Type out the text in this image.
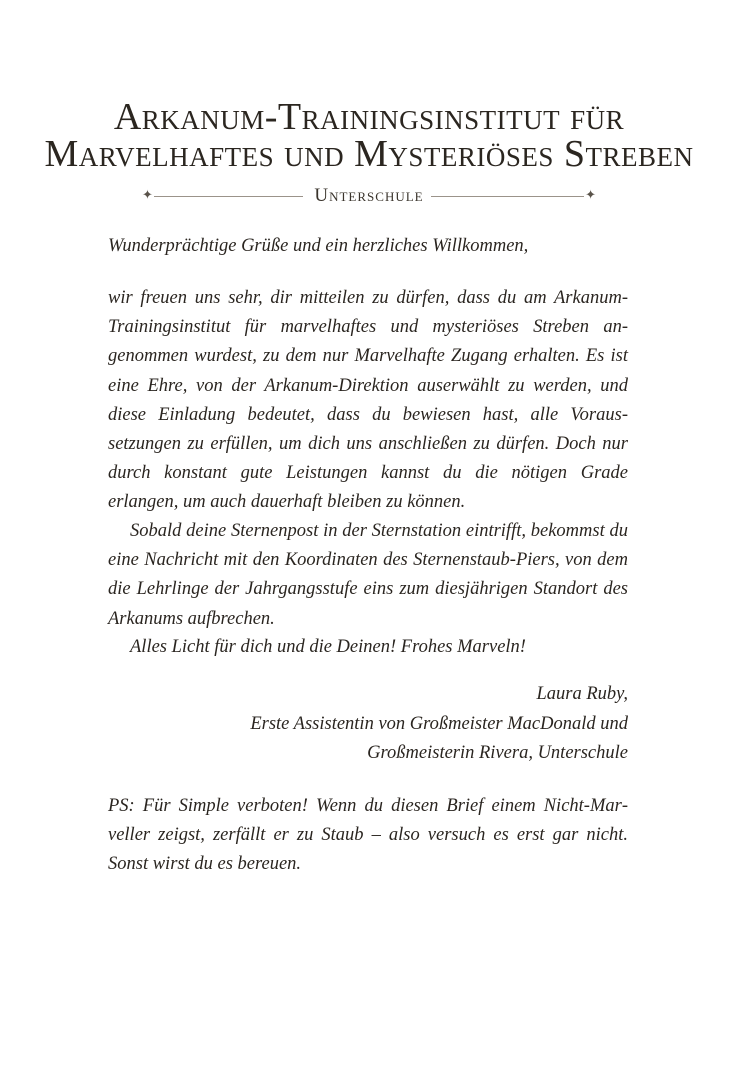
Arkanum-Trainingsinstitut für
Marvelhaftes und Mysteriöses Streben
✦	Unterschule	✦
Wunderprächtige Grüße und ein herzliches Willkommen,
wir freuen uns sehr, dir mitteilen zu dürfen, dass du am Arkanum-Trainingsinstitut für marvelhaftes und mysteriöses Streben angenommen wurdest, zu dem nur Marvelhafte Zugang erhalten. Es ist eine Ehre, von der Arkanum-Direktion auserwählt zu werden, und diese Einladung bedeutet, dass du bewiesen hast, alle Voraussetzungen zu erfüllen, um dich uns anschließen zu dürfen. Doch nur durch konstant gute Leistungen kannst du die nötigen Grade erlangen, um auch dauerhaft bleiben zu können.
Sobald deine Sternenpost in der Sternstation eintrifft, bekommst du eine Nachricht mit den Koordinaten des Sternenstaub-Piers, von dem die Lehrlinge der Jahrgangsstufe eins zum diesjährigen Standort des Arkanums aufbrechen.
Alles Licht für dich und die Deinen! Frohes Marveln!
Laura Ruby,
Erste Assistentin von Großmeister MacDonald und
Großmeisterin Rivera, Unterschule
PS: Für Simple verboten! Wenn du diesen Brief einem Nicht-Marveller zeigst, zerfällt er zu Staub – also versuch es erst gar nicht. Sonst wirst du es bereuen.
